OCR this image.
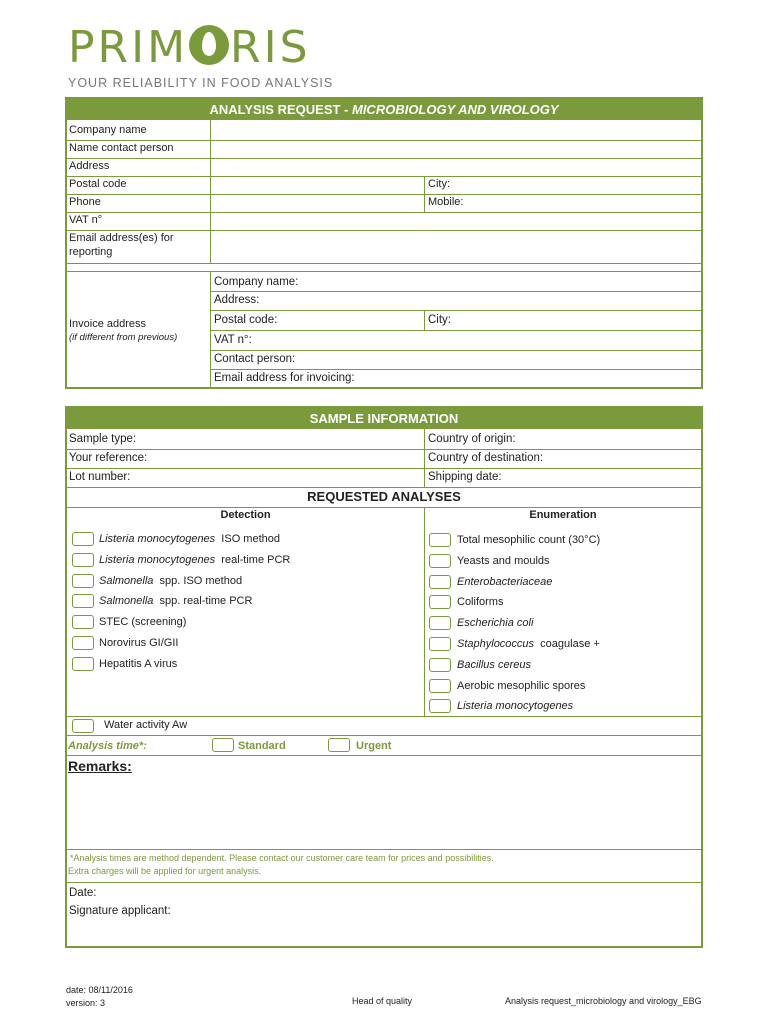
PRIM RIS
YOUR RELIABILITY IN FOOD ANALYSIS
ANALYSIS REQUEST - MICROBIOLOGY AND VIROLOGY
Company name
Name contact person
Address
Postal code	City:
Phone	Mobile:
VAT n°
Email address(es) for reporting
Invoice address
(if different from previous)
Company name:
Address:
Postal code:	City:
VAT n°:
Contact person:
Email address for invoicing:
SAMPLE INFORMATION
Sample type:	Country of origin:
Your reference:	Country of destination:
Lot number:	Shipping date:
REQUESTED ANALYSES
Detection	Enumeration
Listeria monocytogenes  ISO method
Listeria monocytogenes  real-time PCR
Salmonella  spp. ISO method
Salmonella  spp. real-time PCR
STEC (screening)
Norovirus GI/GII
Hepatitis A virus
Total mesophilic count (30°C)
Yeasts and moulds
Enterobacteriaceae
Coliforms
Escherichia coli
Staphylococcus  coagulase +
Bacillus cereus
Aerobic mesophilic spores
Listeria monocytogenes
Water activity Aw
Analysis time*:	Standard	Urgent
Remarks:
*Analysis times are method dependent. Please contact our customer care team for prices and possibilities.
Extra charges will be applied for urgent analysis.
Date:
Signature applicant:
date: 08/11/2016
version: 3	Head of quality	Analysis request_microbiology and virology_EBG
